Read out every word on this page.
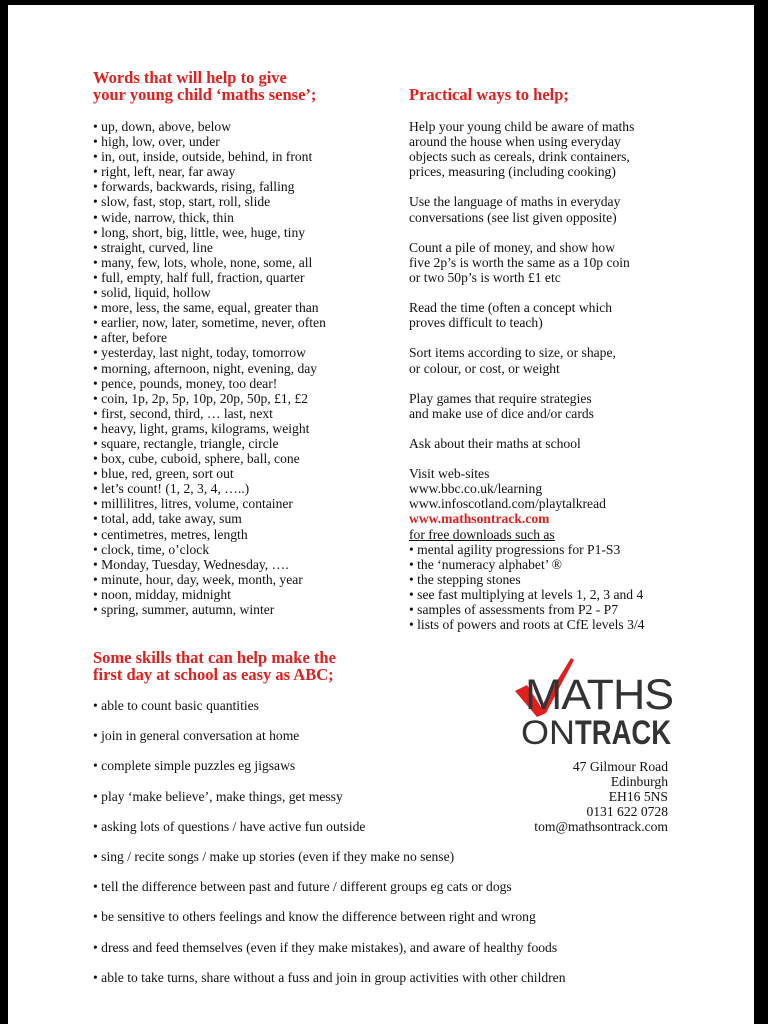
Words that will help to give
your young child ‘maths sense’;

• up, down, above, below
• high, low, over, under
• in, out, inside, outside, behind, in front
• right, left, near, far away
• forwards, backwards, rising, falling
• slow, fast, stop, start, roll, slide
• wide, narrow, thick, thin
• long, short, big, little, wee, huge, tiny
• straight, curved, line
• many, few, lots, whole, none, some, all
• full, empty, half full, fraction, quarter
• solid, liquid, hollow
• more, less, the same, equal, greater than
• earlier, now, later, sometime, never, often
• after, before
• yesterday, last night, today, tomorrow
• morning, afternoon, night, evening, day
• pence, pounds, money, too dear!
• coin, 1p, 2p, 5p, 10p, 20p, 50p, £1, £2
• first, second, third, … last, next
• heavy, light, grams, kilograms, weight
• square, rectangle, triangle, circle
• box, cube, cuboid, sphere, ball, cone
• blue, red, green, sort out
• let’s count! (1, 2, 3, 4, …..)
• millilitres, litres, volume, container
• total, add, take away, sum
• centimetres, metres, length
• clock, time, o’clock
• Monday, Tuesday, Wednesday, ….
• minute, hour, day, week, month, year
• noon, midday, midnight
• spring, summer, autumn, winter

Practical ways to help;

Help your young child be aware of maths
around the house when using everyday
objects such as cereals, drink containers,
prices, measuring (including cooking)

Use the language of maths in everyday
conversations (see list given opposite)

Count a pile of money, and show how
five 2p’s is worth the same as a 10p coin
or two 50p’s is worth £1 etc

Read the time (often a concept which
proves difficult to teach)

Sort items according to size, or shape,
or colour, or cost, or weight

Play games that require strategies
and make use of dice and/or cards

Ask about their maths at school

Visit web-sites
www.bbc.co.uk/learning
www.infoscotland.com/playtalkread
www.mathsontrack.com
for free downloads such as

• mental agility progressions for P1-S3
• the ‘numeracy alphabet’ ®
• the stepping stones
• see fast multiplying at levels 1, 2, 3 and 4
• samples of assessments from P2 - P7
• lists of powers and roots at CfE levels 3/4

Some skills that can help make the
first day at school as easy as ABC;

• able to count basic quantities
• join in general conversation at home
• complete simple puzzles eg jigsaws
• play ‘make believe’, make things, get messy
• asking lots of questions / have active fun outside
• sing / recite songs / make up stories (even if they make no sense)
• tell the difference between past and future / different groups eg cats or dogs
• be sensitive to others feelings and know the difference between right and wrong
• dress and feed themselves (even if they make mistakes), and aware of healthy foods
• able to take turns, share without a fuss and join in group activities with other children
MATHS
ON TRACK
47 Gilmour Road
Edinburgh
EH16 5NS
0131 622 0728
tom@mathsontrack.com
